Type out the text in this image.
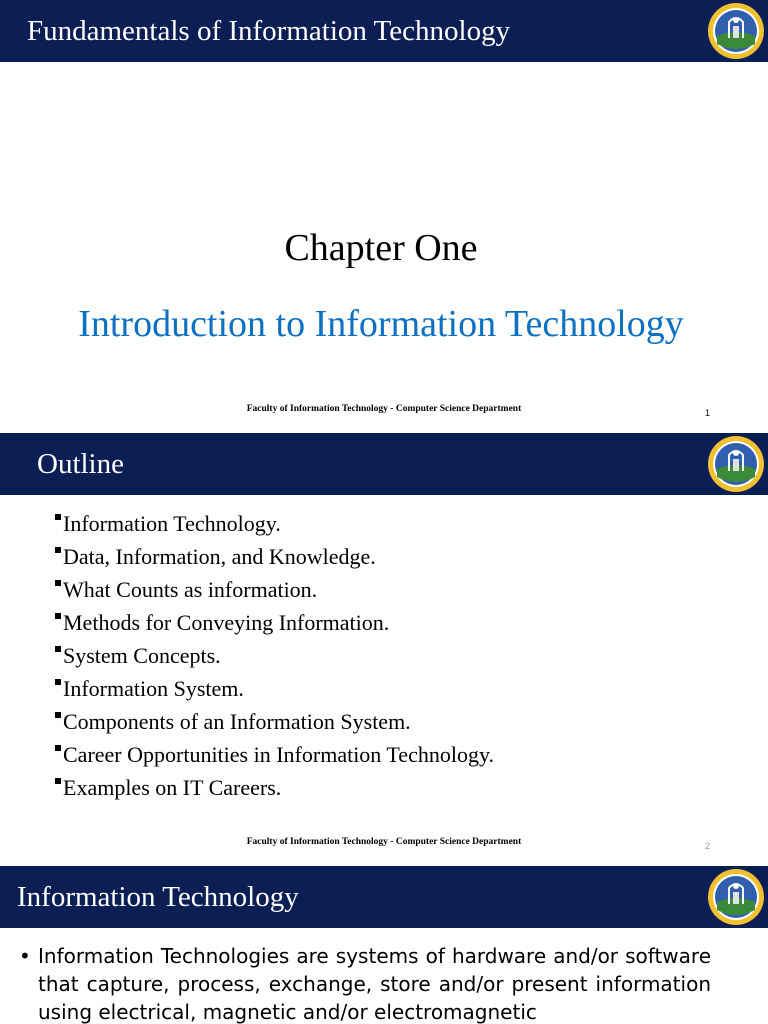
Fundamentals of Information Technology
Chapter One
Introduction to Information Technology
Faculty of Information Technology - Computer Science Department	1
Outline
Information Technology.
Data, Information, and Knowledge.
What Counts as information.
Methods for Conveying Information.
System Concepts.
Information System.
Components of an Information System.
Career Opportunities in Information Technology.
Examples on IT Careers.
Faculty of Information Technology - Computer Science Department	2
Information Technology
• Information Technologies are systems of hardware and/or software that capture, process, exchange, store and/or present information using electrical, magnetic and/or electromagnetic
